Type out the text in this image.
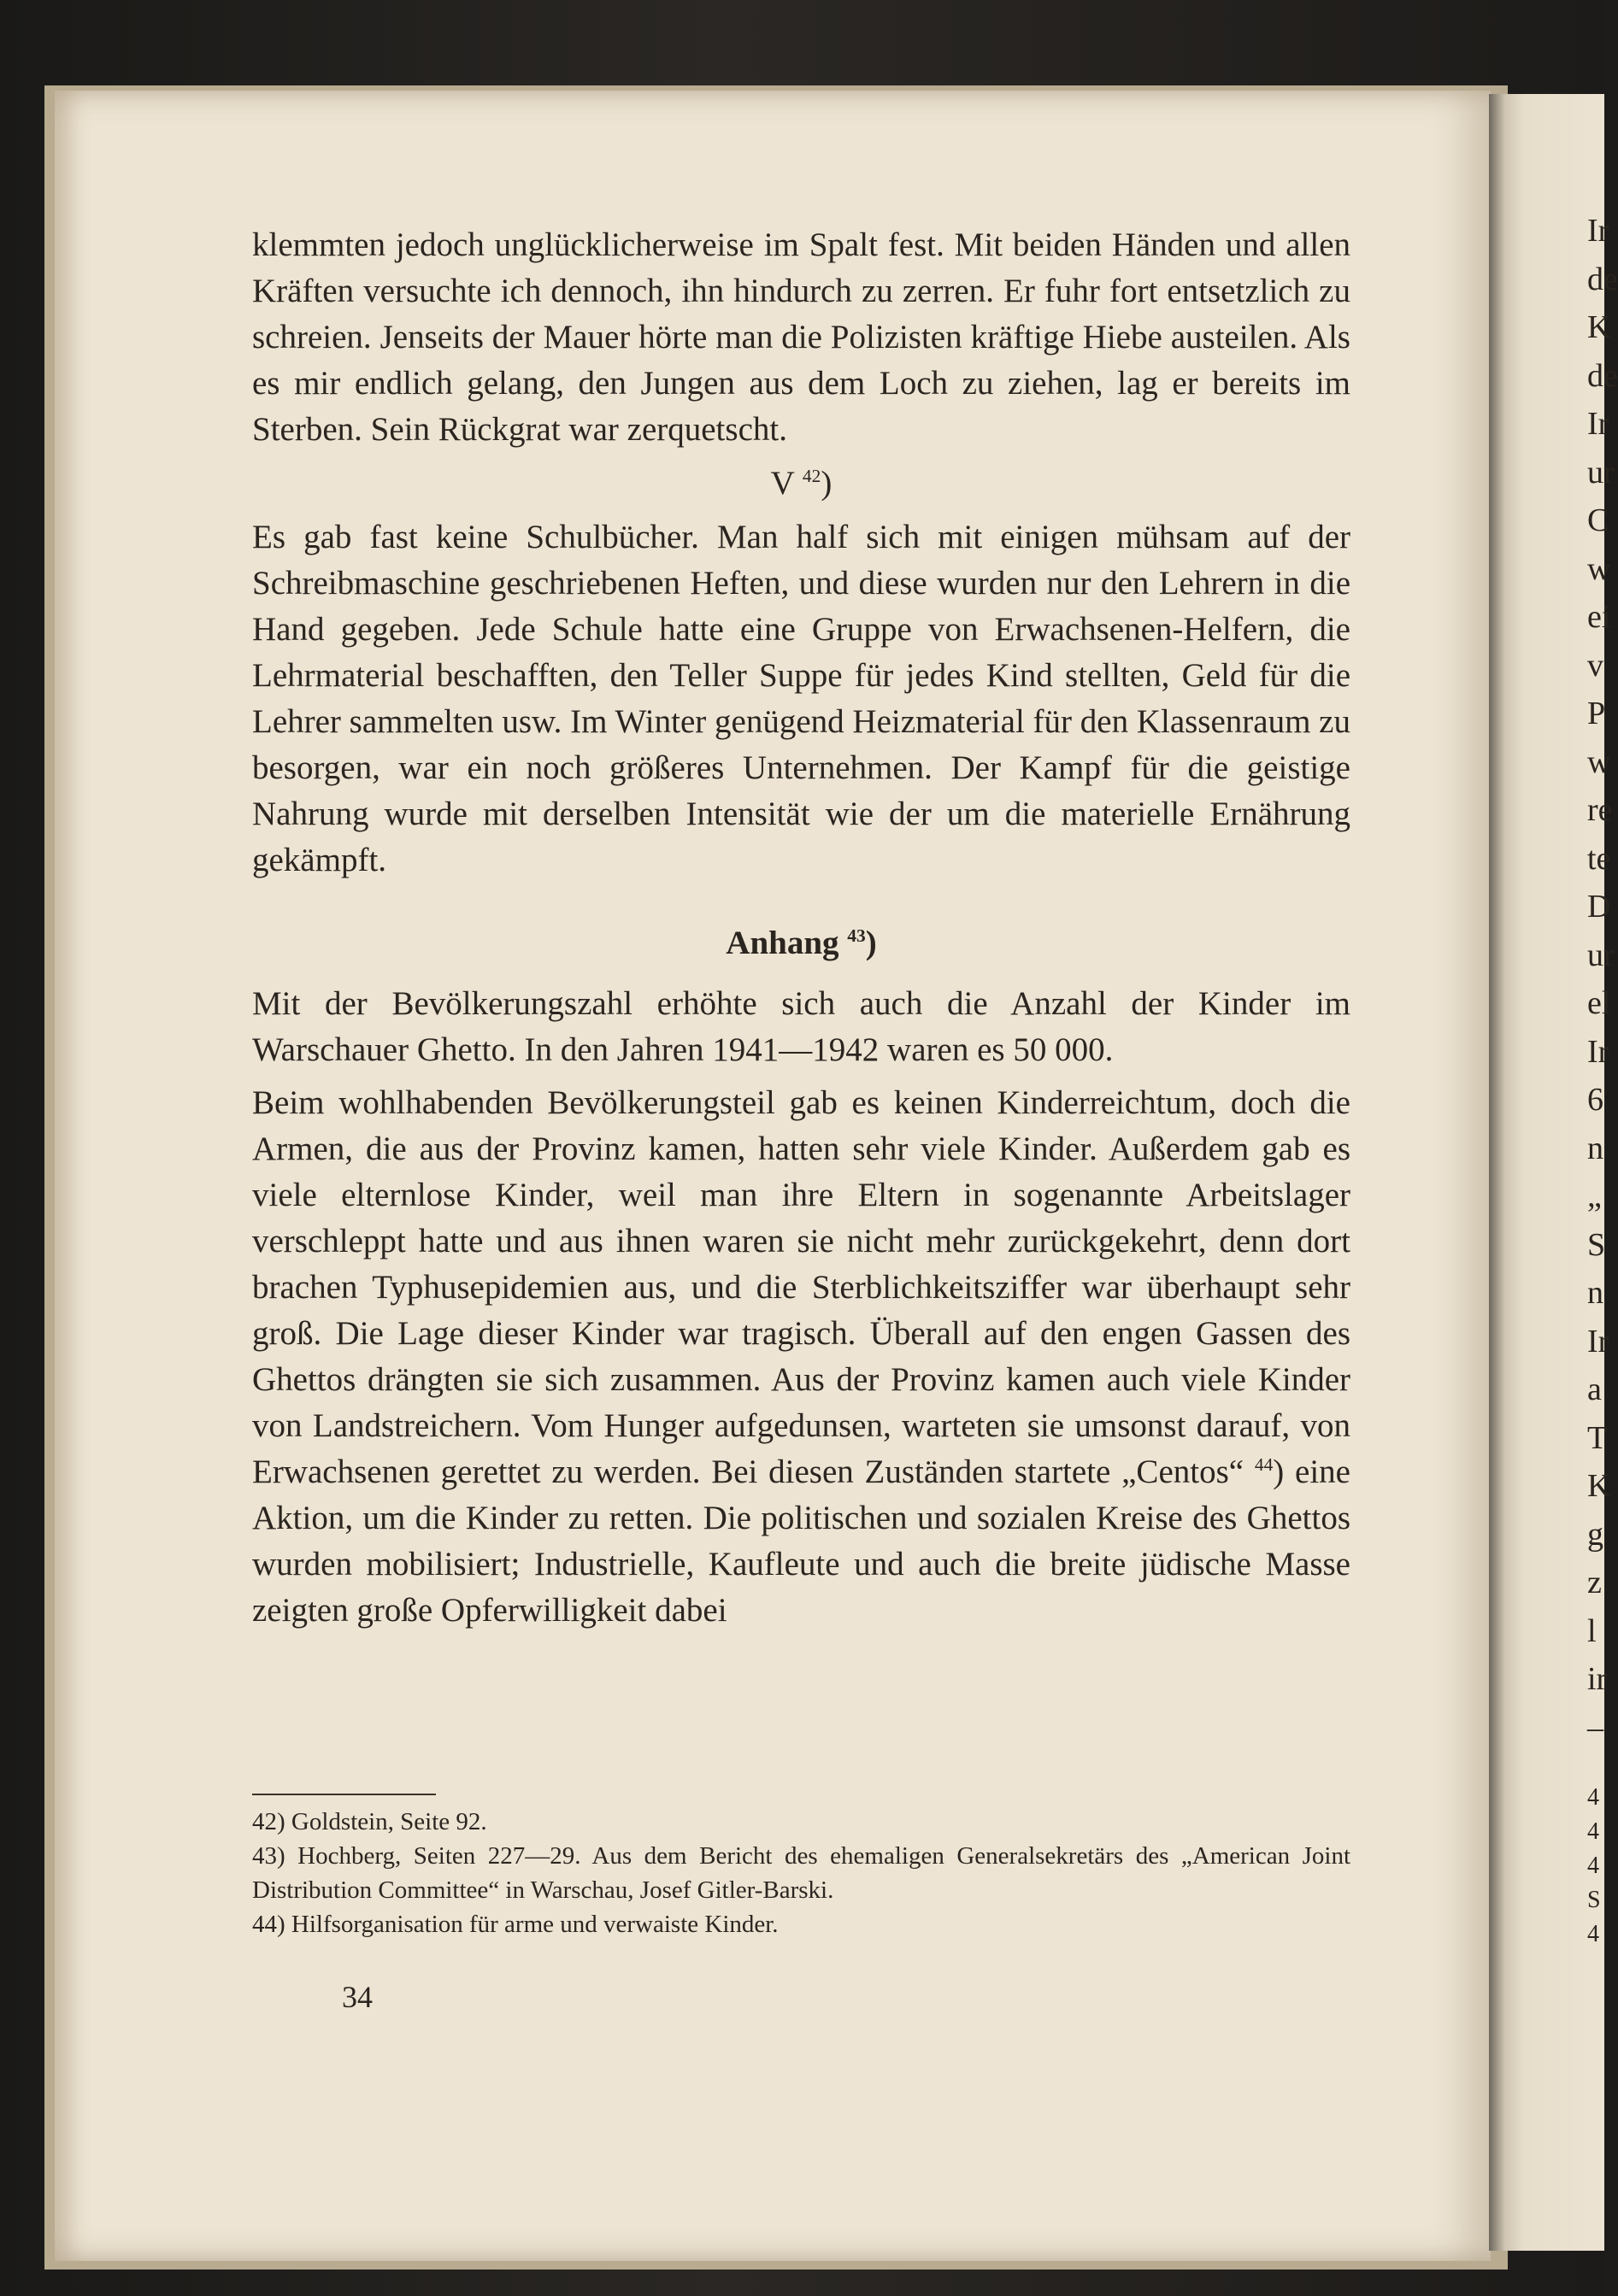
Ir
de
K
de
Ir
ur
C
w
ei
v
P
w
re
te
D
ur
el
Ir
6
n
„
S
n
Ir
a
T
K
g
z
l
ir
–
4
4
4
S
4

klemmten jedoch unglücklicherweise im Spalt fest. Mit beiden Händen und allen Kräften versuchte ich dennoch, ihn hindurch zu zerren. Er fuhr fort entsetzlich zu schreien. Jenseits der Mauer hörte man die Polizisten kräftige Hiebe austeilen. Als es mir endlich gelang, den Jungen aus dem Loch zu ziehen, lag er bereits im Sterben. Sein Rückgrat war zerquetscht.

V $^{42}$)

Es gab fast keine Schulbücher. Man half sich mit einigen mühsam auf der Schreibmaschine geschriebenen Heften, und diese wurden nur den Lehrern in die Hand gegeben. Jede Schule hatte eine Gruppe von Erwachsenen-Helfern, die Lehrmaterial beschafften, den Teller Suppe für jedes Kind stellten, Geld für die Lehrer sammelten usw. Im Winter genügend Heizmaterial für den Klassenraum zu besorgen, war ein noch größeres Unternehmen. Der Kampf für die geistige Nahrung wurde mit derselben Intensität wie der um die materielle Ernährung gekämpft.

Anhang $^{43}$)

Mit der Bevölkerungszahl erhöhte sich auch die Anzahl der Kinder im Warschauer Ghetto. In den Jahren 1941—1942 waren es 50 000.

Beim wohlhabenden Bevölkerungsteil gab es keinen Kinderreichtum, doch die Armen, die aus der Provinz kamen, hatten sehr viele Kinder. Außerdem gab es viele elternlose Kinder, weil man ihre Eltern in sogenannte Arbeitslager verschleppt hatte und aus ihnen waren sie nicht mehr zurückgekehrt, denn dort brachen Typhusepidemien aus, und die Sterblichkeitsziffer war überhaupt sehr groß. Die Lage dieser Kinder war tragisch. Überall auf den engen Gassen des Ghettos drängten sie sich zusammen. Aus der Provinz kamen auch viele Kinder von Landstreichern. Vom Hunger aufgedunsen, warteten sie umsonst darauf, von Erwachsenen gerettet zu werden. Bei diesen Zuständen startete „Centos“ $^{44}$) eine Aktion, um die Kinder zu retten. Die politischen und sozialen Kreise des Ghettos wurden mobilisiert; Industrielle, Kaufleute und auch die breite jüdische Masse zeigten große Opferwilligkeit dabei

42) Goldstein, Seite 92.

43) Hochberg, Seiten 227—29. Aus dem Bericht des ehemaligen Generalsekretärs des „American Joint Distribution Committee“ in Warschau, Josef Gitler-Barski.

44) Hilfsorganisation für arme und verwaiste Kinder.

34
